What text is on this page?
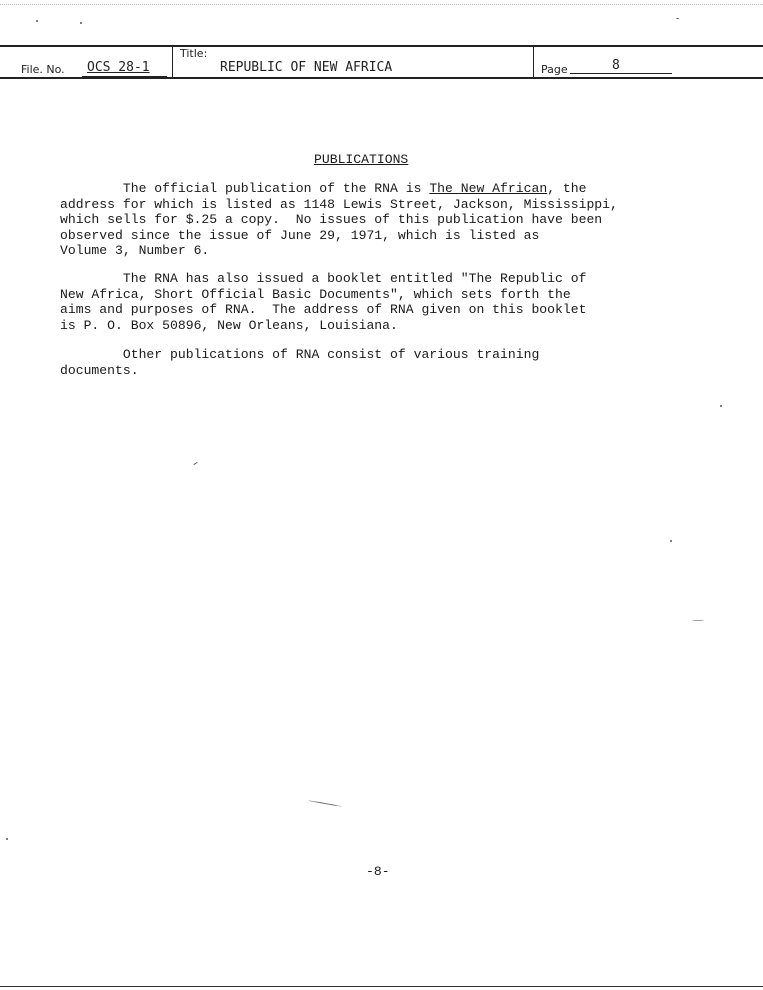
File. No. OCS 28-1
Title:
REPUBLIC OF NEW AFRICA	Page	8
PUBLICATIONS

The official publication of the RNA is The New African, the
address for which is listed as 1148 Lewis Street, Jackson, Mississippi,
which sells for $.25 a copy.  No issues of this publication have been
observed since the issue of June 29, 1971, which is listed as
Volume 3, Number 6.

The RNA has also issued a booklet entitled "The Republic of
New Africa, Short Official Basic Documents", which sets forth the
aims and purposes of RNA.  The address of RNA given on this booklet
is P. O. Box 50896, New Orleans, Louisiana.

Other publications of RNA consist of various training
documents.

-8-
